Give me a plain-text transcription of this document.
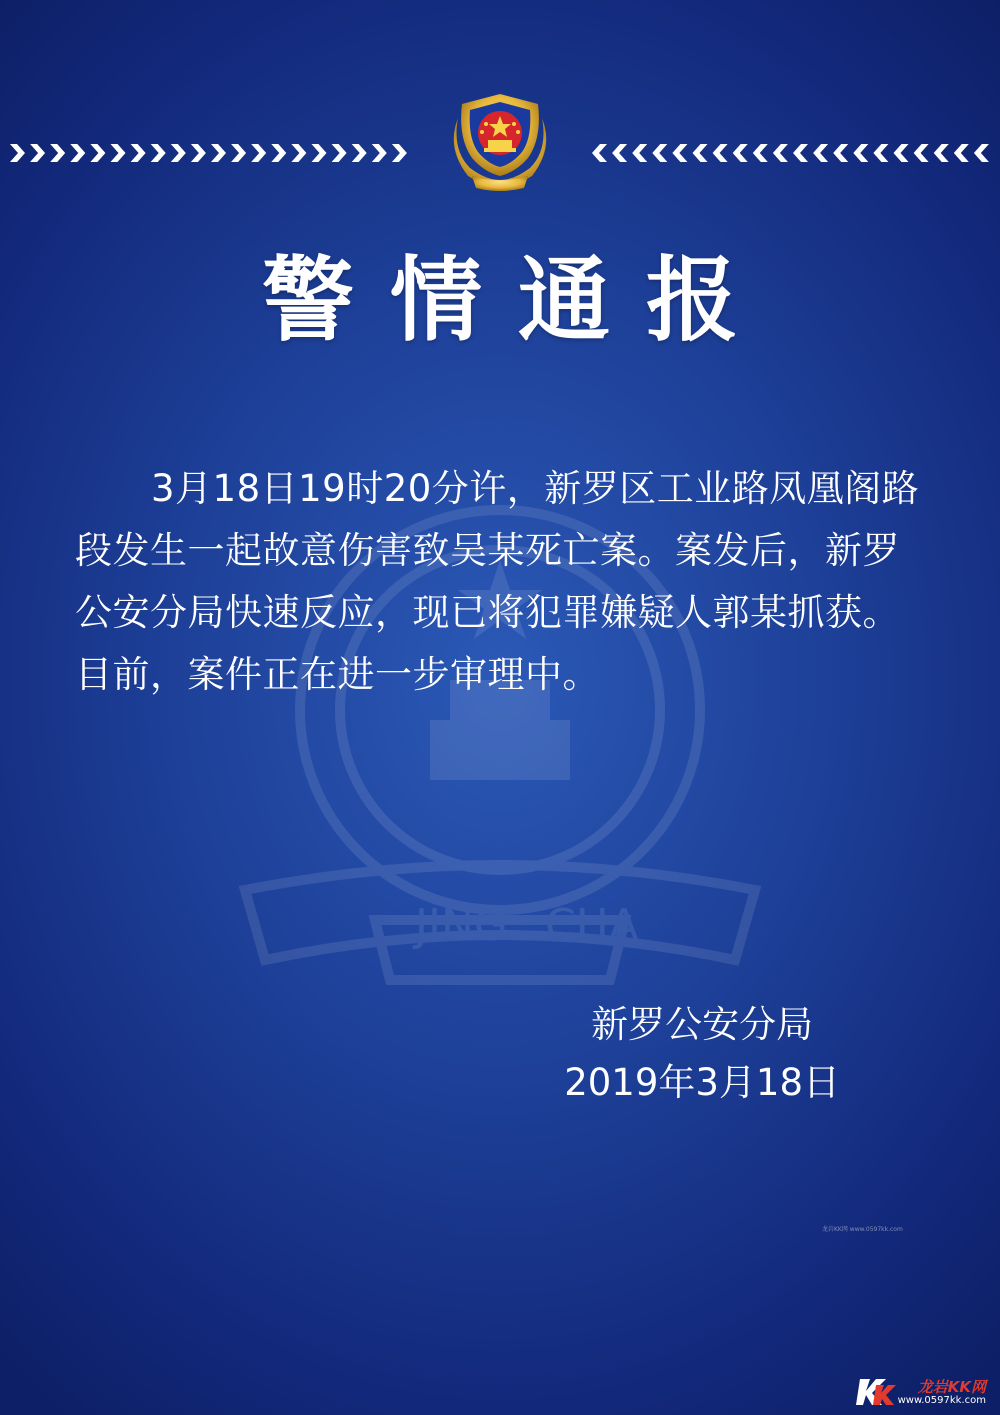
JING CHA
警情通报
3月18日19时20分许，新罗区工业路凤凰阁路段发生一起故意伤害致吴某死亡案。案发后，新罗公安分局快速反应，现已将犯罪嫌疑人郭某抓获。目前，案件正在进一步审理中。
新罗公安分局
2019年3月18日
龙岩KK网 www.0597kk.com
龙岩KK网
www.0597kk.com
